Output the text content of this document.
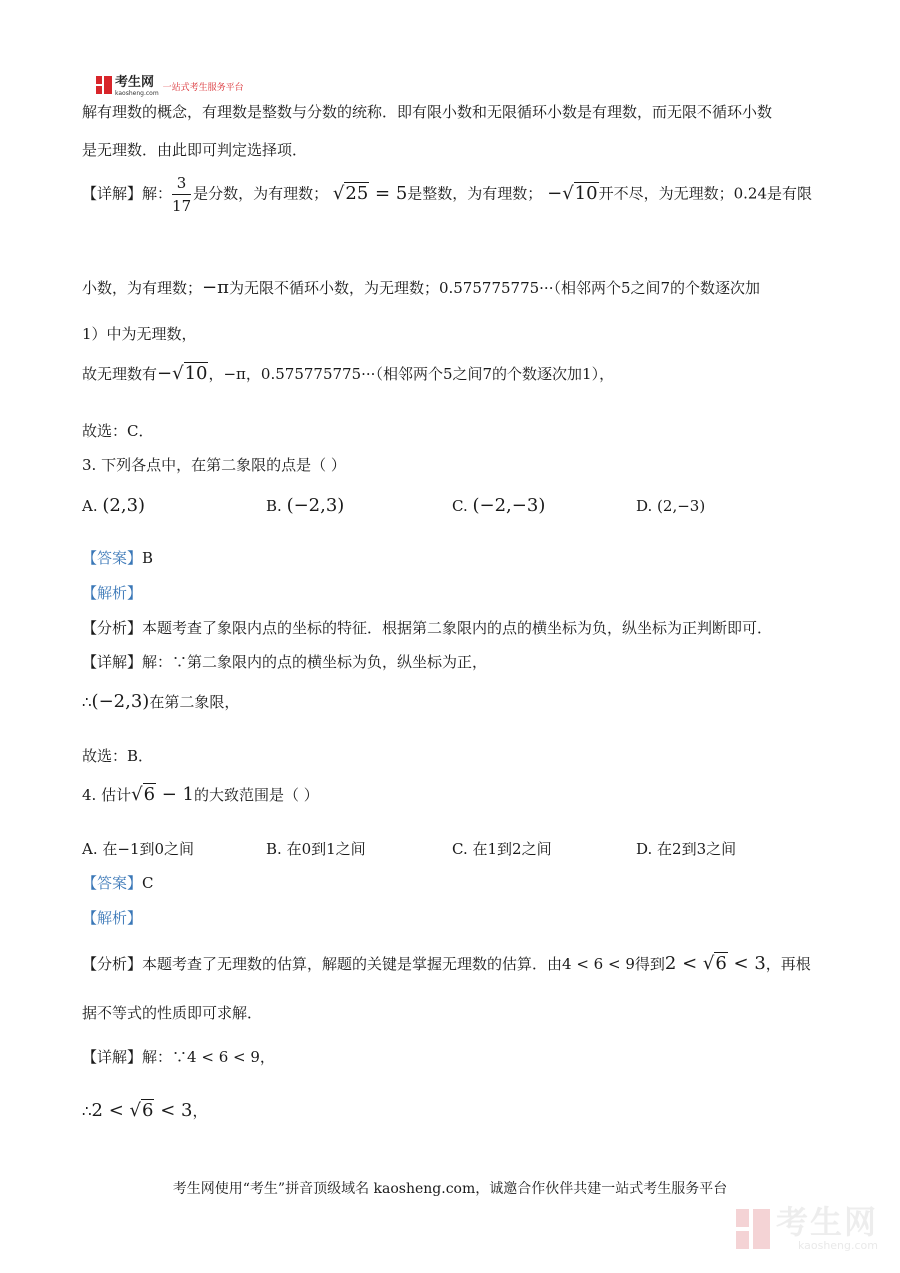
考生网
kaosheng.com
一站式考生服务平台
解有理数的概念，有理数是整数与分数的统称．即有限小数和无限循环小数是有理数，而无限不循环小数
是无理数．由此即可判定选择项．
【详解】解： $\frac{3}{17}$ 是分数，为有理数； √25 = 5是整数，为有理数； −√10开不尽，为无理数；0.24是有限
小数，为有理数；−π为无限不循环小数，为无理数；0.575775775···（相邻两个5之间7的个数逐次加
1）中为无理数，
故无理数有−√10，−π，0.575775775···（相邻两个5之间7的个数逐次加1），
故选：C．
3. 下列各点中，在第二象限的点是（ ）
A. (2,3)	B. (−2,3)	C. (−2,−3)	D. (2,−3)
【答案】B
【解析】
【分析】本题考查了象限内点的坐标的特征．根据第二象限内的点的横坐标为负，纵坐标为正判断即可．
【详解】解：∵第二象限内的点的横坐标为负，纵坐标为正，
∴(−2,3)在第二象限，
故选：B．
4. 估计√6 − 1的大致范围是（ ）
A. 在−1到0之间	B. 在0到1之间	C. 在1到2之间	D. 在2到3之间
【答案】C
【解析】
【分析】本题考查了无理数的估算，解题的关键是掌握无理数的估算．由4 < 6 < 9得到2 < √6 < 3，再根
据不等式的性质即可求解．
【详解】解：∵4 < 6 < 9，
∴2 < √6 < 3，
考生网使用“考生”拼音顶级域名 kaosheng.com，诚邀合作伙伴共建一站式考生服务平台
考生网
kaosheng.com
